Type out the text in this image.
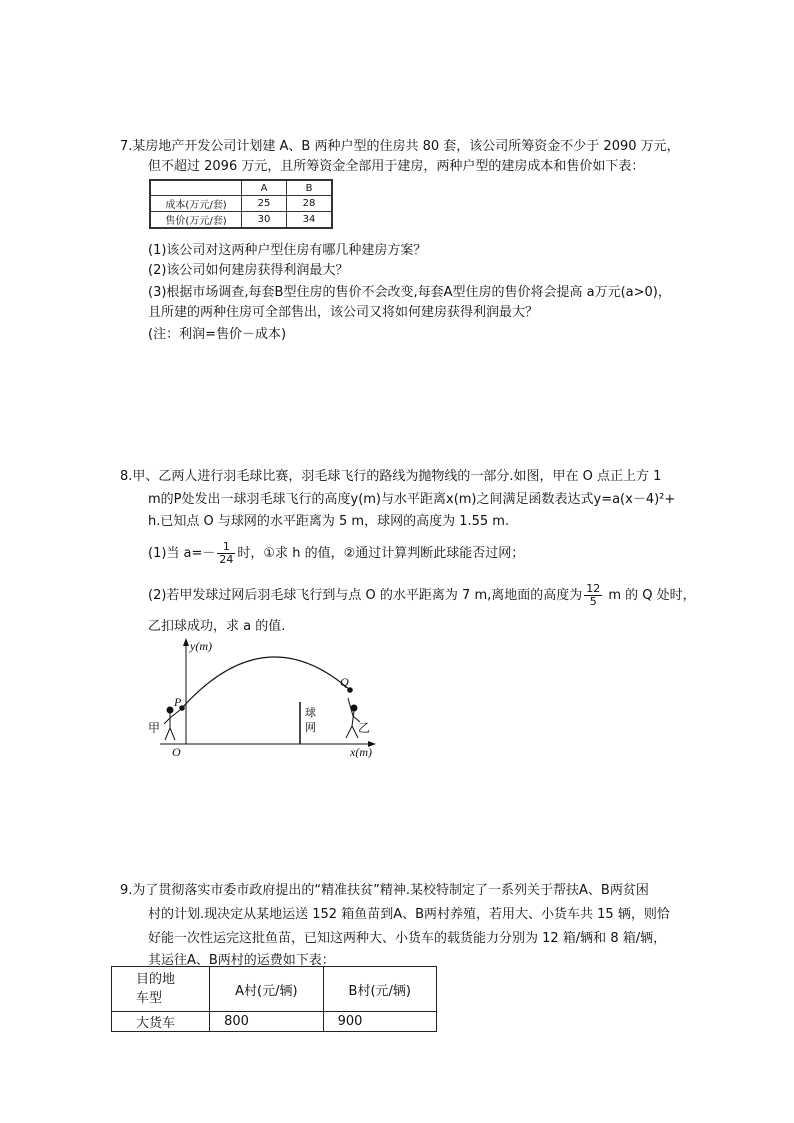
7.某房地产开发公司计划建 A、B 两种户型的住房共 80 套，该公司所筹资金不少于 2090 万元，
但不超过 2096 万元，且所筹资金全部用于建房，两种户型的建房成本和售价如下表：
	A	B
成本(万元/套)	25	28
售价(万元/套)	30	34
(1)该公司对这两种户型住房有哪几种建房方案？
(2)该公司如何建房获得利润最大？
(3)根据市场调查,每套B型住房的售价不会改变,每套A型住房的售价将会提高 a万元(a>0)，
且所建的两种住房可全部售出，该公司又将如何建房获得利润最大？
(注：利润=售价－成本)
8.甲、乙两人进行羽毛球比赛，羽毛球飞行的路线为抛物线的一部分.如图，甲在 O 点正上方 1
m的P处发出一球羽毛球飞行的高度y(m)与水平距离x(m)之间满足函数表达式y=a(x－4)²+
h.已知点 O 与球网的水平距离为 5 m，球网的高度为 1.55 m.
(1)当 $a=- \frac{1}{24}$ 时，①求 h 的值，②通过计算判断此球能否过网；
(2)若甲发球过网后羽毛球飞行到与点 O 的水平距离为 7 m,离地面的高度为 $\frac{12}{5}$ m 的 Q 处时，
乙扣球成功，求 a 的值.
球
网
y(m)
x(m)
O
P
Q
甲	乙
9.为了贯彻落实市委市政府提出的“精准扶贫”精神.某校特制定了一系列关于帮扶A、B两贫困
村的计划.现决定从某地运送 152 箱鱼苗到A、B两村养殖，若用大、小货车共 15 辆，则恰
好能一次性运完这批鱼苗，已知这两种大、小货车的载货能力分别为 12 箱/辆和 8 箱/辆，
其运往A、B两村的运费如下表：
目的地
车型	A村(元/辆)	B村(元/辆)
大货车	800	900
